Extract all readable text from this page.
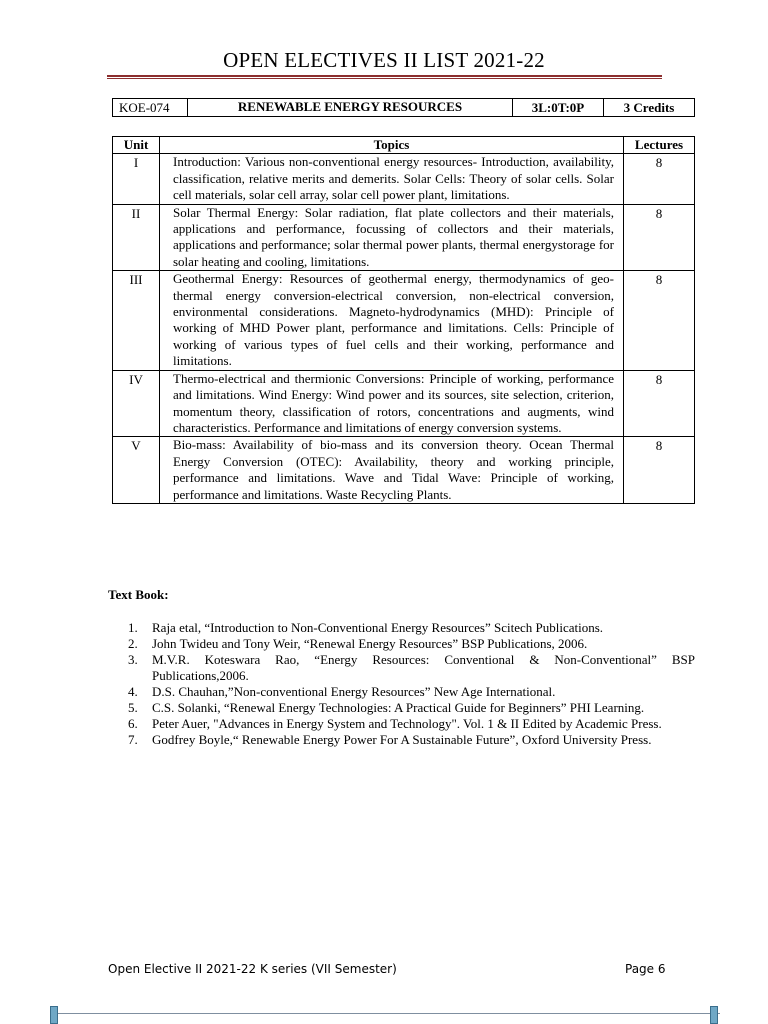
OPEN ELECTIVES II LIST 2021-22
KOE-074	RENEWABLE ENERGY RESOURCES	3L:0T:0P	3 Credits
Unit	Topics	Lectures
I	Introduction: Various non-conventional energy resources- Introduction, availability, classification, relative merits and demerits. Solar Cells: Theory of solar cells. Solar cell materials, solar cell array, solar cell power plant, limitations.	8
II	Solar Thermal Energy: Solar radiation, flat plate collectors and their materials, applications and performance, focussing of collectors and their materials, applications and performance; solar thermal power plants, thermal energystorage for solar heating and cooling, limitations.	8
III	Geothermal Energy: Resources of geothermal energy, thermodynamics of geo- thermal energy conversion-electrical conversion, non-electrical conversion, environmental considerations. Magneto-hydrodynamics (MHD): Principle of working of MHD Power plant, performance and limitations. Cells: Principle of working of various types of fuel cells and their working, performance and limitations.	8
IV	Thermo-electrical and thermionic Conversions: Principle of working, performance and limitations. Wind Energy: Wind power and its sources, site selection, criterion, momentum theory, classification of rotors, concentrations and augments, wind characteristics. Performance and limitations of energy conversion systems.	8
V	Bio-mass: Availability of bio-mass and its conversion theory. Ocean Thermal Energy Conversion (OTEC): Availability, theory and working principle, performance and limitations. Wave and Tidal Wave: Principle of working, performance and limitations. Waste Recycling Plants.	8
Text Book:
1. Raja etal, “Introduction to Non-Conventional Energy Resources” Scitech Publications.
2. John Twideu and Tony Weir, “Renewal Energy Resources” BSP Publications, 2006.
3. M.V.R. Koteswara Rao, “Energy Resources: Conventional & Non-Conventional” BSP Publications,2006.
4. D.S. Chauhan,”Non-conventional Energy Resources” New Age International.
5. C.S. Solanki, “Renewal Energy Technologies: A Practical Guide for Beginners” PHI Learning.
6. Peter Auer, "Advances in Energy System and Technology". Vol. 1 & II Edited by Academic Press.
7. Godfrey Boyle,“ Renewable Energy Power For A Sustainable Future”, Oxford University Press.
Open Elective II 2021-22 K series (VII Semester)	Page 6
